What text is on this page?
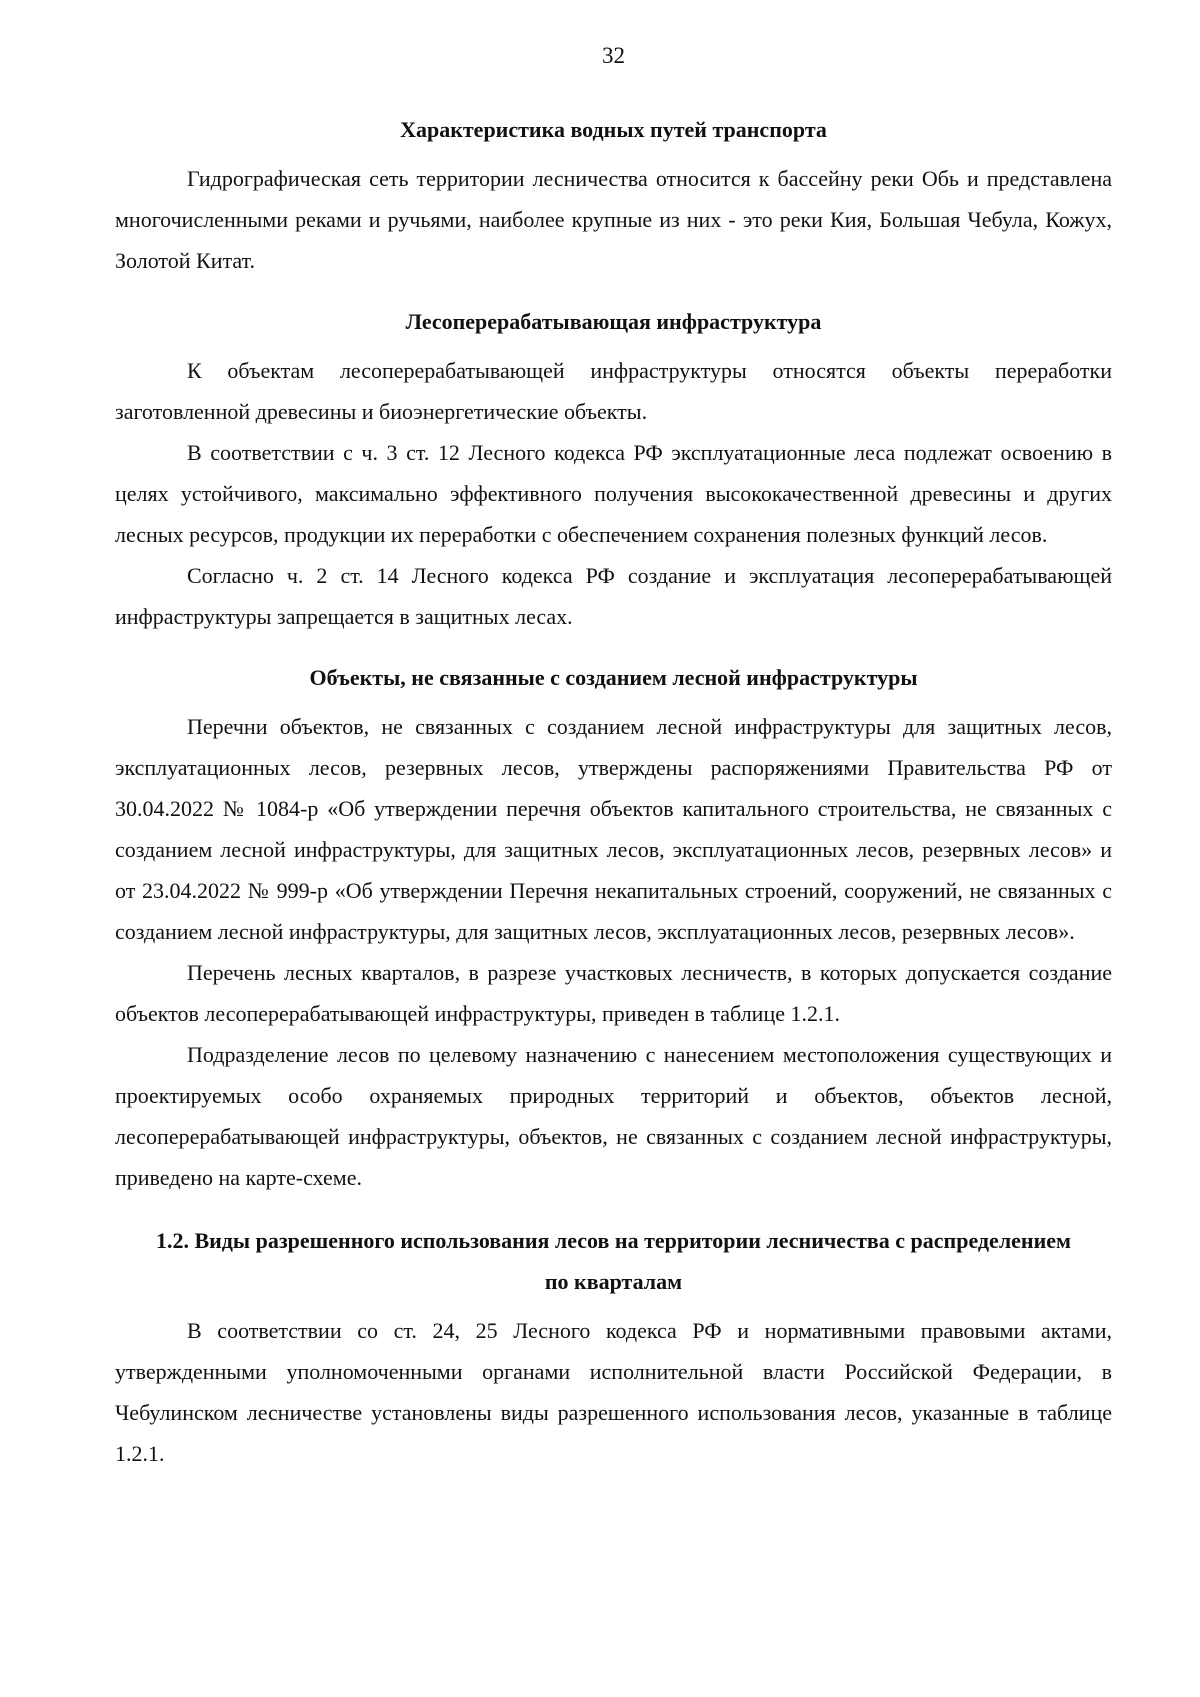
32
Характеристика водных путей транспорта

Гидрографическая сеть территории лесничества относится к бассейну реки Обь и представлена многочисленными реками и ручьями, наиболее крупные из них - это реки Кия, Большая Чебула, Кожух, Золотой Китат.

Лесоперерабатывающая инфраструктура

К объектам лесоперерабатывающей инфраструктуры относятся объекты переработки заготовленной древесины и биоэнергетические объекты.

В соответствии с ч. 3 ст. 12 Лесного кодекса РФ эксплуатационные леса подлежат освоению в целях устойчивого, максимально эффективного получения высококачественной древесины и других лесных ресурсов, продукции их переработки с обеспечением сохранения полезных функций лесов.

Согласно ч. 2 ст. 14 Лесного кодекса РФ создание и эксплуатация лесоперерабатывающей инфраструктуры запрещается в защитных лесах.

Объекты, не связанные с созданием лесной инфраструктуры

Перечни объектов, не связанных с созданием лесной инфраструктуры для защитных лесов, эксплуатационных лесов, резервных лесов, утверждены распоряжениями Правительства РФ от 30.04.2022 № 1084-р «Об утверждении перечня объектов капитального строительства, не связанных с созданием лесной инфраструктуры, для защитных лесов, эксплуатационных лесов, резервных лесов» и от 23.04.2022 № 999-р «Об утверждении Перечня некапитальных строений, сооружений, не связанных с созданием лесной инфраструктуры, для защитных лесов, эксплуатационных лесов, резервных лесов».

Перечень лесных кварталов, в разрезе участковых лесничеств, в которых допускается создание объектов лесоперерабатывающей инфраструктуры, приведен в таблице 1.2.1.

Подразделение лесов по целевому назначению с нанесением местоположения существующих и проектируемых особо охраняемых природных территорий и объектов, объектов лесной, лесоперерабатывающей инфраструктуры, объектов, не связанных с созданием лесной инфраструктуры, приведено на карте-схеме.

1.2. Виды разрешенного использования лесов на территории лесничества с распределением по кварталам

В соответствии со ст. 24, 25 Лесного кодекса РФ и нормативными правовыми актами, утвержденными уполномоченными органами исполнительной власти Российской Федерации, в Чебулинском лесничестве установлены виды разрешенного использования лесов, указанные в таблице 1.2.1.
